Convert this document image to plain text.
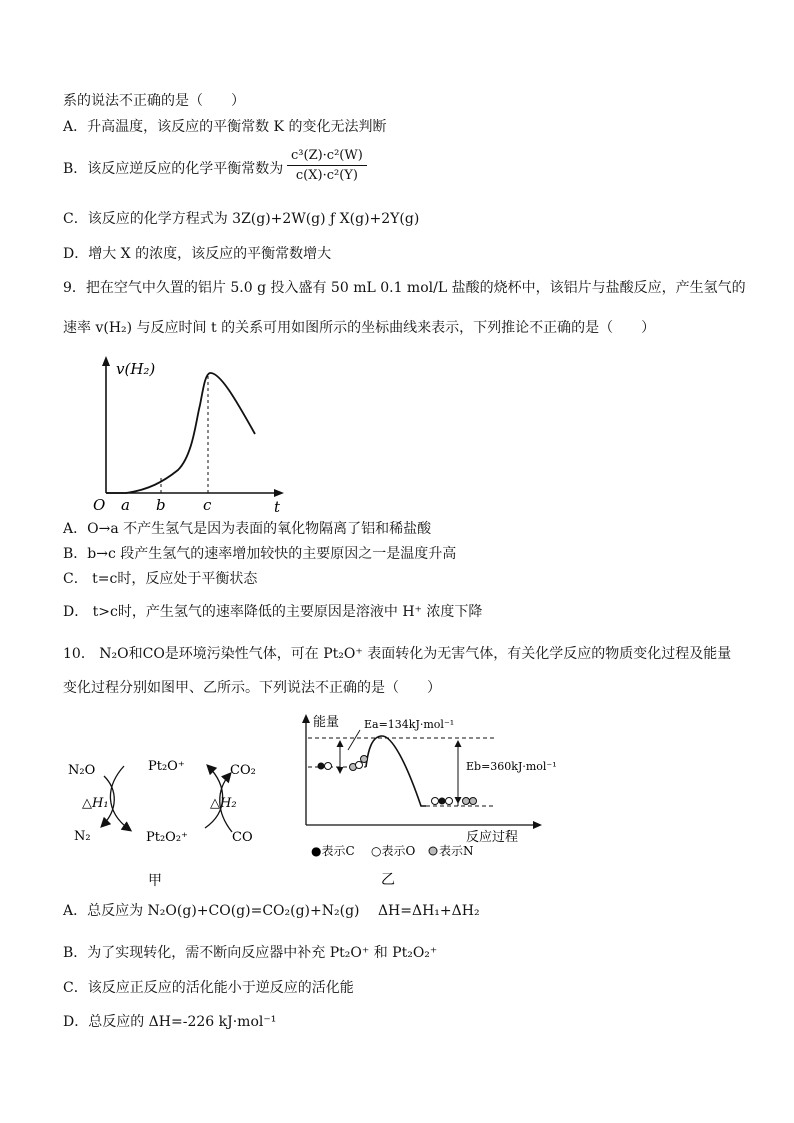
系的说法不正确的是（　　）
A．升高温度，该反应的平衡常数 K 的变化无法判断
B．该反应逆反应的化学平衡常数为 $\frac{\text{c³(Z)·c²(W)}}{\text{c(X)·c²(Y)}}$
C．该反应的化学方程式为 3Z(g)+2W(g) ƒ X(g)+2Y(g)
D．增大 X 的浓度，该反应的平衡常数增大
9．把在空气中久置的铝片 5.0 g 投入盛有 50 mL 0.1 mol/L 盐酸的烧杯中，该铝片与盐酸反应，产生氢气的
速率 v(H₂) 与反应时间 t 的关系可用如图所示的坐标曲线来表示，下列推论不正确的是（　　）
v(H₂)
O a b c	t
A．O→a 不产生氢气是因为表面的氧化物隔离了铝和稀盐酸
B．b→c 段产生氢气的速率增加较快的主要原因之一是温度升高
C． t=c时，反应处于平衡状态
D． t>c时，产生氢气的速率降低的主要原因是溶液中 H⁺ 浓度下降
10． N₂O和CO是环境污染性气体，可在 Pt₂O⁺ 表面转化为无害气体，有关化学反应的物质变化过程及能量
变化过程分别如图甲、乙所示。下列说法不正确的是（　　）
N₂O
N₂
Pt₂O⁺
Pt₂O₂⁺
CO₂
CO
△H₁	△H₂
甲
能量
反应过程
Ea=134kJ·mol⁻¹
Eb=360kJ·mol⁻¹
●表示C ○表示O 表示N
乙
A．总反应为 N₂O(g)+CO(g)=CO₂(g)+N₂(g)　 ΔH=ΔH₁+ΔH₂
B．为了实现转化，需不断向反应器中补充 Pt₂O⁺ 和 Pt₂O₂⁺
C．该反应正反应的活化能小于逆反应的活化能
D．总反应的 ΔH=-226 kJ·mol⁻¹
